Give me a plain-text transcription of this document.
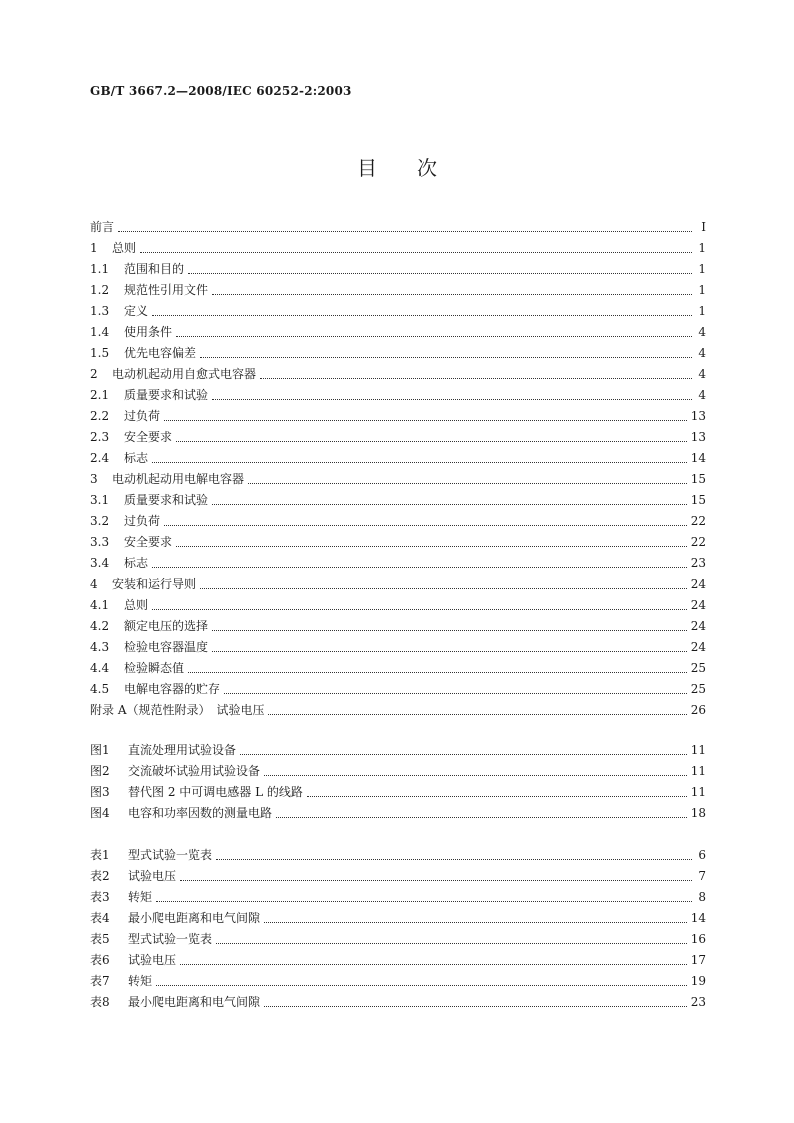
GB/T 3667.2—2008/IEC 60252-2:2003
目次
前言	Ⅰ
1	总则	1
1.1	范围和目的	1
1.2	规范性引用文件	1
1.3	定义	1
1.4	使用条件	4
1.5	优先电容偏差	4
2	电动机起动用自愈式电容器	4
2.1	质量要求和试验	4
2.2	过负荷	13
2.3	安全要求	13
2.4	标志	14
3	电动机起动用电解电容器	15
3.1	质量要求和试验	15
3.2	过负荷	22
3.3	安全要求	22
3.4	标志	23
4	安装和运行导则	24
4.1	总则	24
4.2	额定电压的选择	24
4.3	检验电容器温度	24
4.4	检验瞬态值	25
4.5	电解电容器的贮存	25
附录 A（规范性附录）　试验电压	26
图1	直流处理用试验设备	11
图2	交流破坏试验用试验设备	11
图3	替代图 2 中可调电感器 L 的线路	11
图4	电容和功率因数的测量电路	18
表1	型式试验一览表	6
表2	试验电压	7
表3	转矩	8
表4	最小爬电距离和电气间隙	14
表5	型式试验一览表	16
表6	试验电压	17
表7	转矩	19
表8	最小爬电距离和电气间隙	23
